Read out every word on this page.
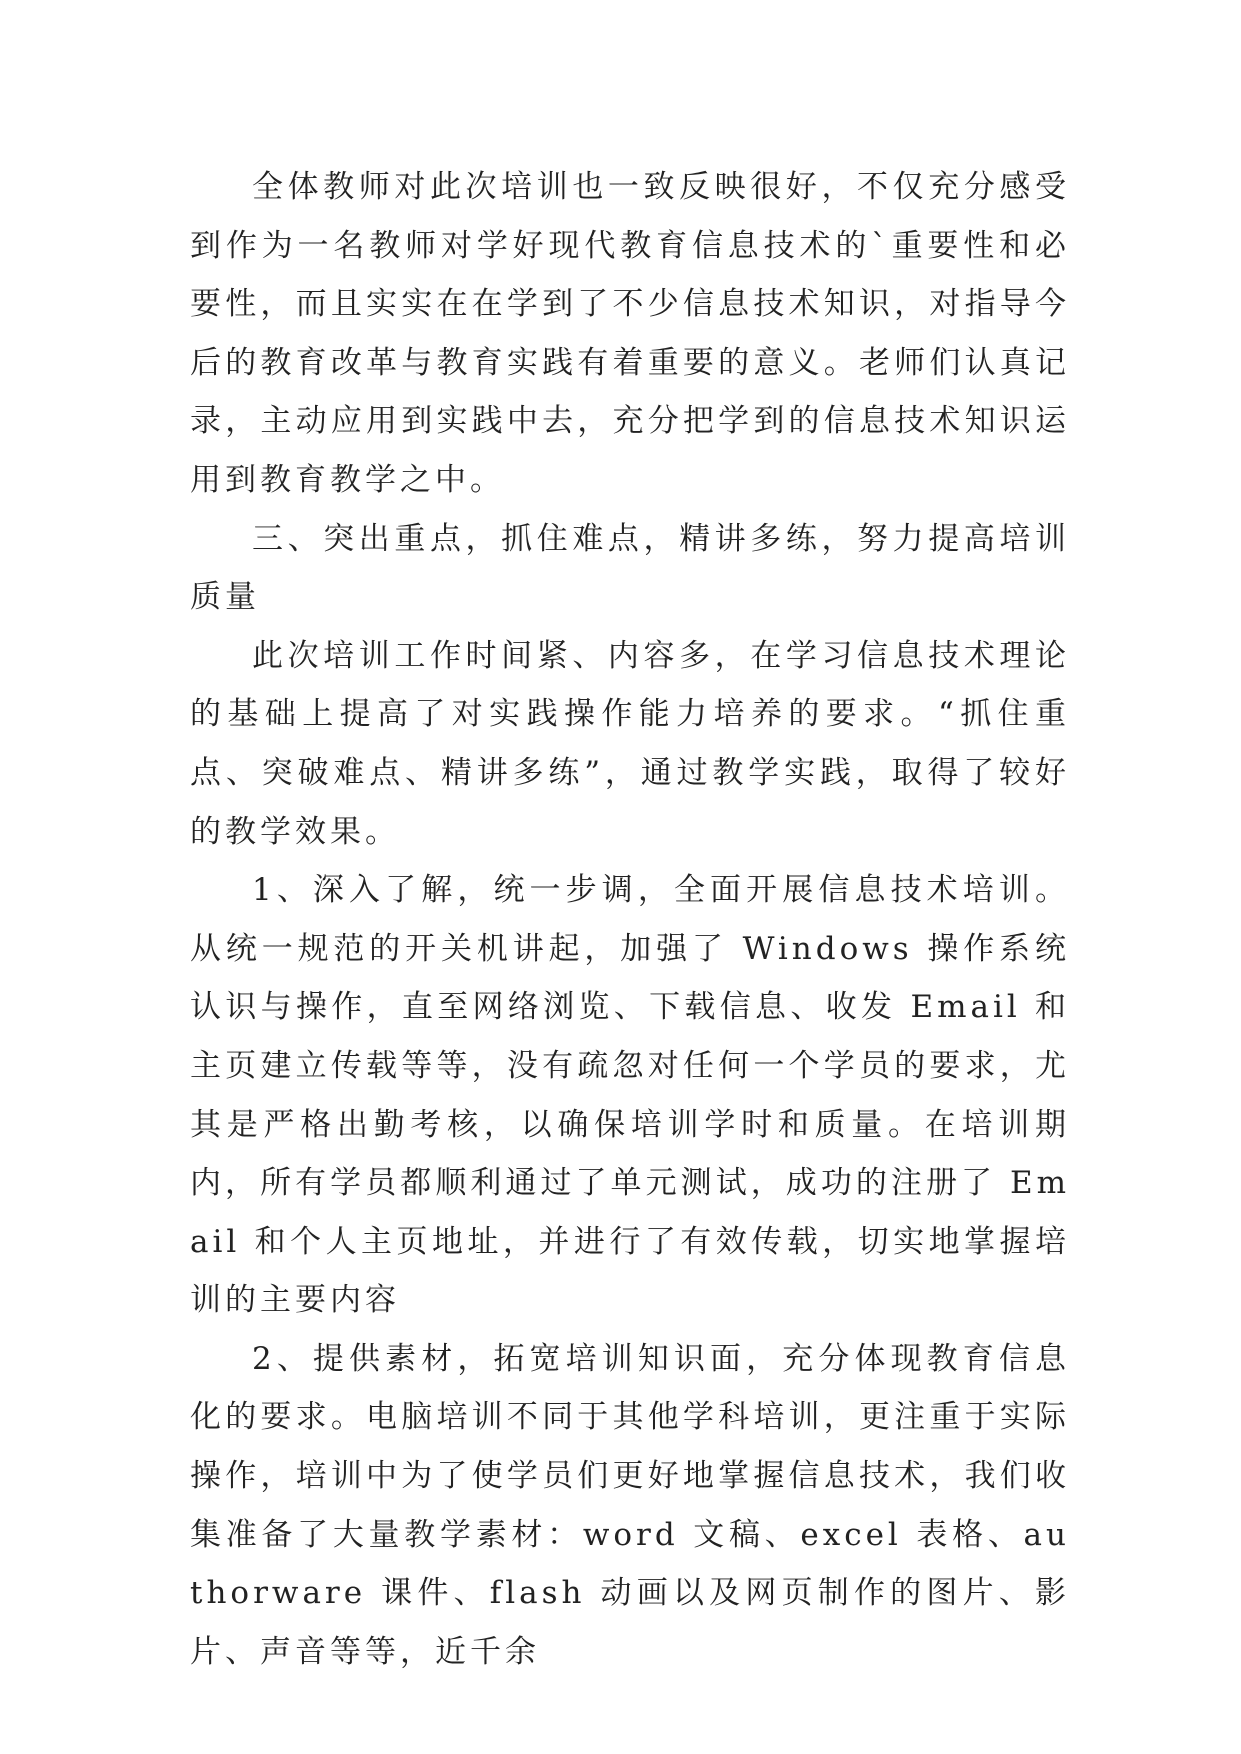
全体教师对此次培训也一致反映很好，不仅充分感受到作为一名教师对学好现代教育信息技术的`重要性和必要性，而且实实在在学到了不少信息技术知识，对指导今后的教育改革与教育实践有着重要的意义。老师们认真记录，主动应用到实践中去，充分把学到的信息技术知识运用到教育教学之中。

三、突出重点，抓住难点，精讲多练，努力提高培训质量

此次培训工作时间紧、内容多，在学习信息技术理论的基础上提高了对实践操作能力培养的要求。“抓住重点、突破难点、精讲多练”，通过教学实践，取得了较好的教学效果。

1、深入了解，统一步调，全面开展信息技术培训。从统一规范的开关机讲起，加强了 Windows 操作系统认识与操作，直至网络浏览、下载信息、收发 Email 和主页建立传载等等，没有疏忽对任何一个学员的要求，尤其是严格出勤考核，以确保培训学时和质量。在培训期内，所有学员都顺利通过了单元测试，成功的注册了 Email 和个人主页地址，并进行了有效传载，切实地掌握培训的主要内容

2、提供素材，拓宽培训知识面，充分体现教育信息化的要求。电脑培训不同于其他学科培训，更注重于实际操作，培训中为了使学员们更好地掌握信息技术，我们收集准备了大量教学素材：word 文稿、excel 表格、authorware 课件、flash 动画以及网页制作的图片、影片、声音等等，近千余
